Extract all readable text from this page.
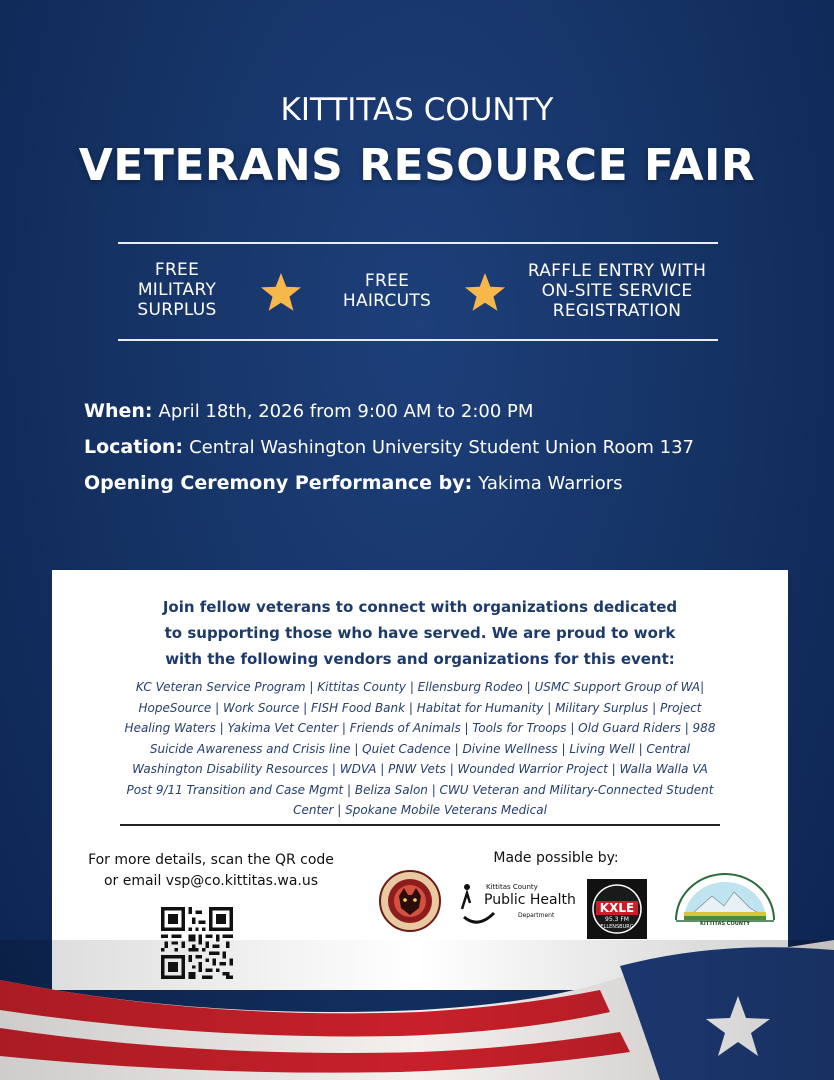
KITTITAS COUNTY
VETERANS RESOURCE FAIR
FREE
MILITARY
SURPLUS
FREE
HAIRCUTS
RAFFLE ENTRY WITH
ON-SITE SERVICE
REGISTRATION
When: April 18th, 2026 from 9:00 AM to 2:00 PM
Location: Central Washington University Student Union Room 137
Opening Ceremony Performance by: Yakima Warriors
Join fellow veterans to connect with organizations dedicated to supporting those who have served. We are proud to work with the following vendors and organizations for this event:
KC Veteran Service Program | Kittitas County | Ellensburg Rodeo | USMC Support Group of WA| HopeSource | Work Source | FISH Food Bank | Habitat for Humanity | Military Surplus | Project Healing Waters | Yakima Vet Center | Friends of Animals | Tools for Troops | Old Guard Riders | 988 Suicide Awareness and Crisis line | Quiet Cadence | Divine Wellness | Living Well | Central Washington Disability Resources | WDVA | PNW Vets | Wounded Warrior Project | Walla Walla VA Post 9/11 Transition and Case Mgmt | Beliza Salon | CWU Veteran and Military-Connected Student Center | Spokane Mobile Veterans Medical
For more details, scan the QR code
or email vsp@co.kittitas.wa.us
Made possible by:
Kittitas County
Public Health
Department
KXLE
95.3 FM
ELLENSBURG	KITTITAS COUNTY
